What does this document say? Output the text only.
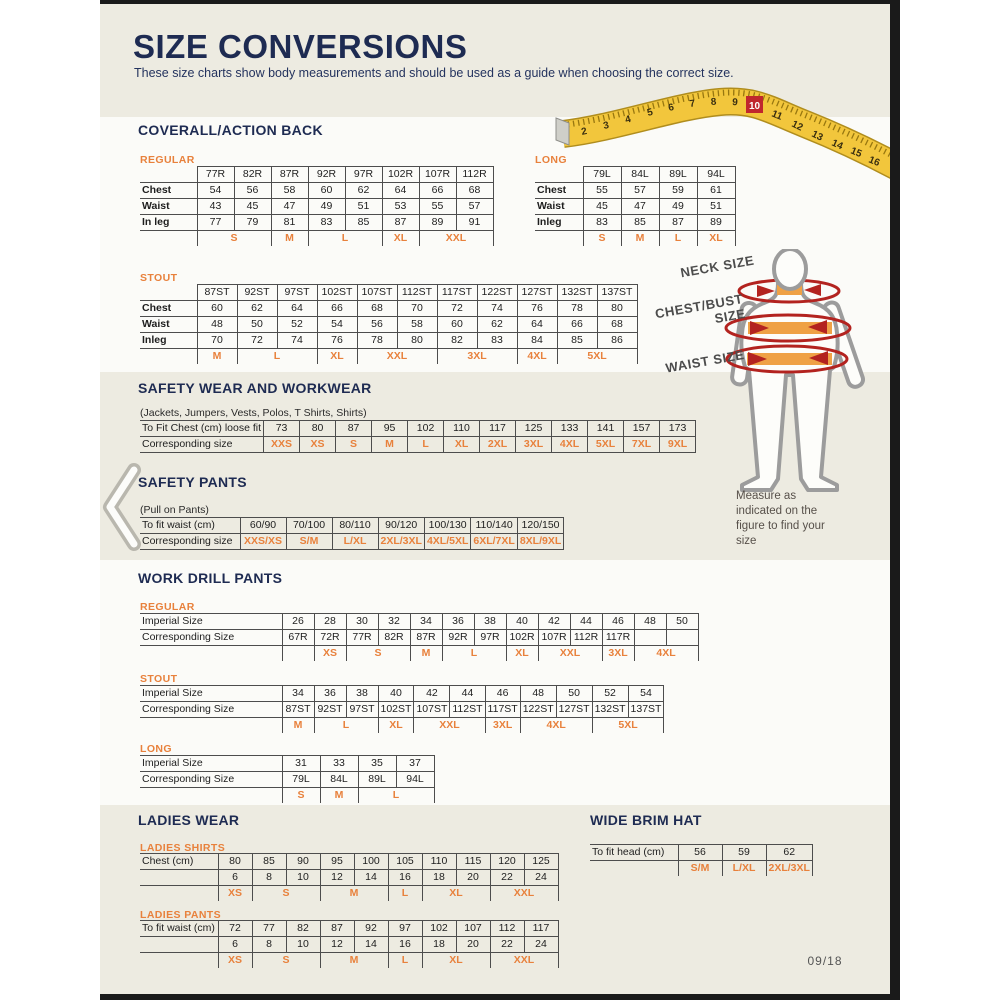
SIZE CONVERSIONS
These size charts show body measurements and should be used as a guide when choosing the correct size.
2
3
4
5 6 7 8 9 10
11
12
13
14
15
16
COVERALL/ACTION BACK
REGULAR
	77R	82R	87R	92R	97R	102R	107R	112R
Chest	54	56	58	60	62	64	66	68
Waist	43	45	47	49	51	53	55	57
In leg	77	79	81	83	85	87	89	91
	S		M	L		XL	XXL	
LONG
	79L	84L	89L	94L
Chest	55	57	59	61
Waist	45	47	49	51
Inleg	83	85	87	89
	S	M	L	XL
STOUT
	87ST	92ST	97ST	102ST	107ST	112ST	117ST	122ST	127ST	132ST	137ST
Chest	60	62	64	66	68	70	72	74	76	78	80
Waist	48	50	52	54	56	58	60	62	64	66	68
Inleg	70	72	74	76	78	80	82	83	84	85	86
	M	L		XL	XXL		3XL		4XL	5XL	
SAFETY WEAR AND WORKWEAR
(Jackets, Jumpers, Vests, Polos, T Shirts, Shirts)
To Fit Chest (cm) loose fit	73	80	87	95	102	110	117	125	133	141	157	173
Corresponding size	XXS	XS	S	M	L	XL	2XL	3XL	4XL	5XL	7XL	9XL
SAFETY PANTS
(Pull on Pants)
To fit waist (cm)	60/90	70/100	80/110	90/120	100/130	110/140	120/150
Corresponding size	XXS/XS	S/M	L/XL	2XL/3XL	4XL/5XL	6XL/7XL	8XL/9XL
WORK DRILL PANTS
REGULAR
Imperial Size	26	28	30	32	34	36	38	40	42	44	46	48	50
Corresponding Size	67R	72R	77R	82R	87R	92R	97R	102R	107R	112R	117R		
		XS	S		M	L		XL	XXL		3XL	4XL	
STOUT
Imperial Size	34	36	38	40	42	44	46	48	50	52	54
Corresponding Size	87ST	92ST	97ST	102ST	107ST	112ST	117ST	122ST	127ST	132ST	137ST
	M	L		XL	XXL		3XL	4XL		5XL	
LONG
Imperial Size	31	33	35	37
Corresponding Size	79L	84L	89L	94L
	S	M	L	
LADIES WEAR
LADIES SHIRTS
Chest (cm)	80	85	90	95	100	105	110	115	120	125
	6	8	10	12	14	16	18	20	22	24
	XS	S		M		L	XL		XXL	
LADIES PANTS
To fit waist (cm)	72	77	82	87	92	97	102	107	112	117
	6	8	10	12	14	16	18	20	22	24
	XS	S		M		L	XL		XXL	
WIDE BRIM HAT
To fit head (cm)	56	59	62
	S/M	L/XL	2XL/3XL
09/18
NECK SIZE
CHEST/BUST SIZE
WAIST SIZE
Measure as indicated on the figure to find your size
